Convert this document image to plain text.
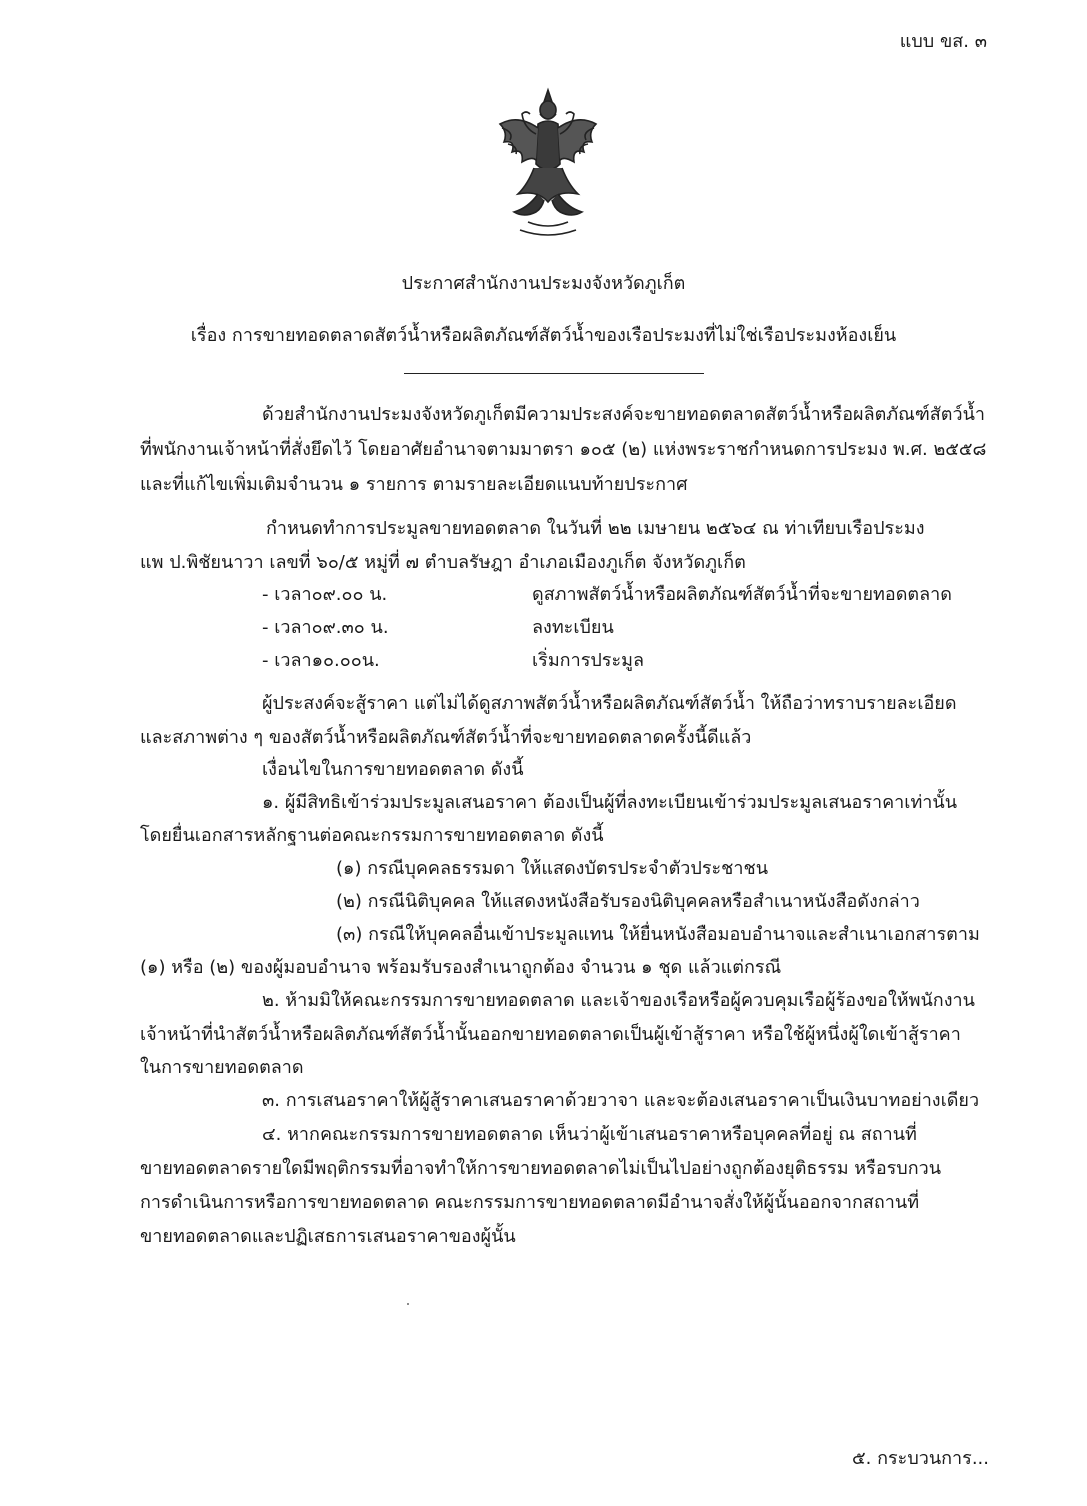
แบบ ขส. ๓
ประกาศสำนักงานประมงจังหวัดภูเก็ต
เรื่อง การขายทอดตลาดสัตว์น้ำหรือผลิตภัณฑ์สัตว์น้ำของเรือประมงที่ไม่ใช่เรือประมงห้องเย็น
ด้วยสำนักงานประมงจังหวัดภูเก็ตมีความประสงค์จะขายทอดตลาดสัตว์น้ำหรือผลิตภัณฑ์สัตว์น้ำ
ที่พนักงานเจ้าหน้าที่สั่งยึดไว้ โดยอาศัยอำนาจตามมาตรา ๑๐๕ (๒) แห่งพระราชกำหนดการประมง พ.ศ. ๒๕๕๘
และที่แก้ไขเพิ่มเติมจำนวน ๑ รายการ ตามรายละเอียดแนบท้ายประกาศ
กำหนดทำการประมูลขายทอดตลาด ในวันที่ ๒๒ เมษายน ๒๕๖๔ ณ ท่าเทียบเรือประมง
แพ ป.พิชัยนาวา เลขที่ ๖๐/๕ หมู่ที่ ๗ ตำบลรัษฎา อำเภอเมืองภูเก็ต จังหวัดภูเก็ต
- เวลา๐๙.๐๐ น.	ดูสภาพสัตว์น้ำหรือผลิตภัณฑ์สัตว์น้ำที่จะขายทอดตลาด
- เวลา๐๙.๓๐ น.	ลงทะเบียน
- เวลา๑๐.๐๐น.	เริ่มการประมูล
ผู้ประสงค์จะสู้ราคา แต่ไม่ได้ดูสภาพสัตว์น้ำหรือผลิตภัณฑ์สัตว์น้ำ ให้ถือว่าทราบรายละเอียด
และสภาพต่าง ๆ ของสัตว์น้ำหรือผลิตภัณฑ์สัตว์น้ำที่จะขายทอดตลาดครั้งนี้ดีแล้ว
เงื่อนไขในการขายทอดตลาด ดังนี้
๑. ผู้มีสิทธิเข้าร่วมประมูลเสนอราคา ต้องเป็นผู้ที่ลงทะเบียนเข้าร่วมประมูลเสนอราคาเท่านั้น
โดยยื่นเอกสารหลักฐานต่อคณะกรรมการขายทอดตลาด ดังนี้
(๑) กรณีบุคคลธรรมดา ให้แสดงบัตรประจำตัวประชาชน
(๒) กรณีนิติบุคคล ให้แสดงหนังสือรับรองนิติบุคคลหรือสำเนาหนังสือดังกล่าว
(๓) กรณีให้บุคคลอื่นเข้าประมูลแทน ให้ยื่นหนังสือมอบอำนาจและสำเนาเอกสารตาม
(๑) หรือ (๒) ของผู้มอบอำนาจ พร้อมรับรองสำเนาถูกต้อง จำนวน ๑ ชุด แล้วแต่กรณี
๒. ห้ามมิให้คณะกรรมการขายทอดตลาด และเจ้าของเรือหรือผู้ควบคุมเรือผู้ร้องขอให้พนักงาน
เจ้าหน้าที่นำสัตว์น้ำหรือผลิตภัณฑ์สัตว์น้ำนั้นออกขายทอดตลาดเป็นผู้เข้าสู้ราคา หรือใช้ผู้หนึ่งผู้ใดเข้าสู้ราคา
ในการขายทอดตลาด
๓. การเสนอราคาให้ผู้สู้ราคาเสนอราคาด้วยวาจา และจะต้องเสนอราคาเป็นเงินบาทอย่างเดียว
๔. หากคณะกรรมการขายทอดตลาด เห็นว่าผู้เข้าเสนอราคาหรือบุคคลที่อยู่ ณ สถานที่
ขายทอดตลาดรายใดมีพฤติกรรมที่อาจทำให้การขายทอดตลาดไม่เป็นไปอย่างถูกต้องยุติธรรม หรือรบกวน
การดำเนินการหรือการขายทอดตลาด คณะกรรมการขายทอดตลาดมีอำนาจสั่งให้ผู้นั้นออกจากสถานที่
ขายทอดตลาดและปฏิเสธการเสนอราคาของผู้นั้น
๕. กระบวนการ...
